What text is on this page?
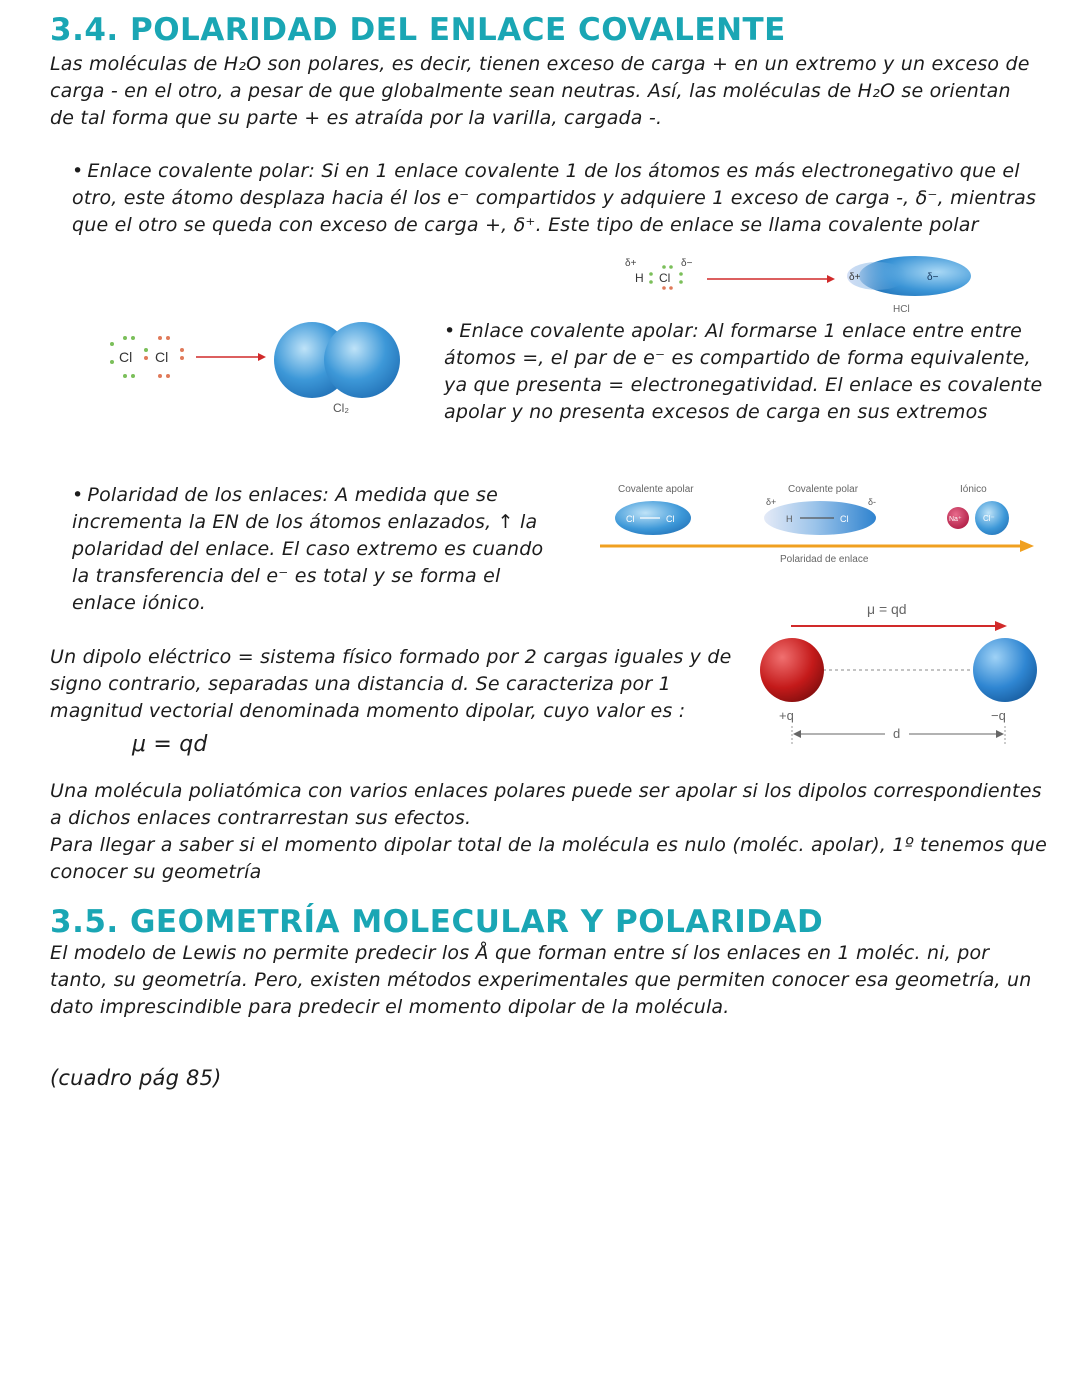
3.4. POLARIDAD DEL ENLACE COVALENTE
Las moléculas de H₂O son polares, es decir, tienen exceso de carga + en un extremo y un exceso de carga - en el otro, a pesar de que globalmente sean neutras. Así, las moléculas de H₂O se orientan de tal forma que su parte + es atraída por la varilla, cargada -.
• Enlace covalente polar: Si en 1 enlace covalente 1 de los átomos es más electronegativo que el otro, este átomo desplaza hacia él los e⁻ compartidos y adquiere 1 exceso de carga -, δ⁻, mientras que el otro se queda con exceso de carga +, δ⁺. Este tipo de enlace se llama covalente polar
δ+	δ−
H Cl	δ+	δ−
HCl
Cl Cl
Cl₂
• Enlace covalente apolar: Al formarse 1 enlace entre entre átomos =, el par de e⁻ es compartido de forma equivalente, ya que presenta = electronegatividad. El enlace es covalente apolar y no presenta excesos de carga en sus extremos
• Polaridad de los enlaces: A medida que se incrementa la EN de los átomos enlazados, ↑ la polaridad del enlace. El caso extremo es cuando la transferencia del e⁻ es total y se forma el enlace iónico.
Covalente apolar	Covalente polar	Iónico
Cl	Cl
δ+	δ-
H	Cl	Na⁺	Cl⁻
Polaridad de enlace
Un dipolo eléctrico = sistema físico formado por 2 cargas iguales y de signo contrario, separadas una distancia d. Se caracteriza por 1 magnitud vectorial denominada momento dipolar, cuyo valor es :
μ = qd
μ = qd
+q	−q
d
Una molécula poliatómica con varios enlaces polares puede ser apolar si los dipolos correspondientes a dichos enlaces contrarrestan sus efectos.
Para llegar a saber si el momento dipolar total de la molécula es nulo (moléc. apolar), 1º tenemos que conocer su geometría
3.5. GEOMETRÍA MOLECULAR Y POLARIDAD
El modelo de Lewis no permite predecir los Å que forman entre sí los enlaces en 1 moléc. ni, por tanto, su geometría. Pero, existen métodos experimentales que permiten conocer esa geometría, un dato imprescindible para predecir el momento dipolar de la molécula.
(cuadro pág 85)
